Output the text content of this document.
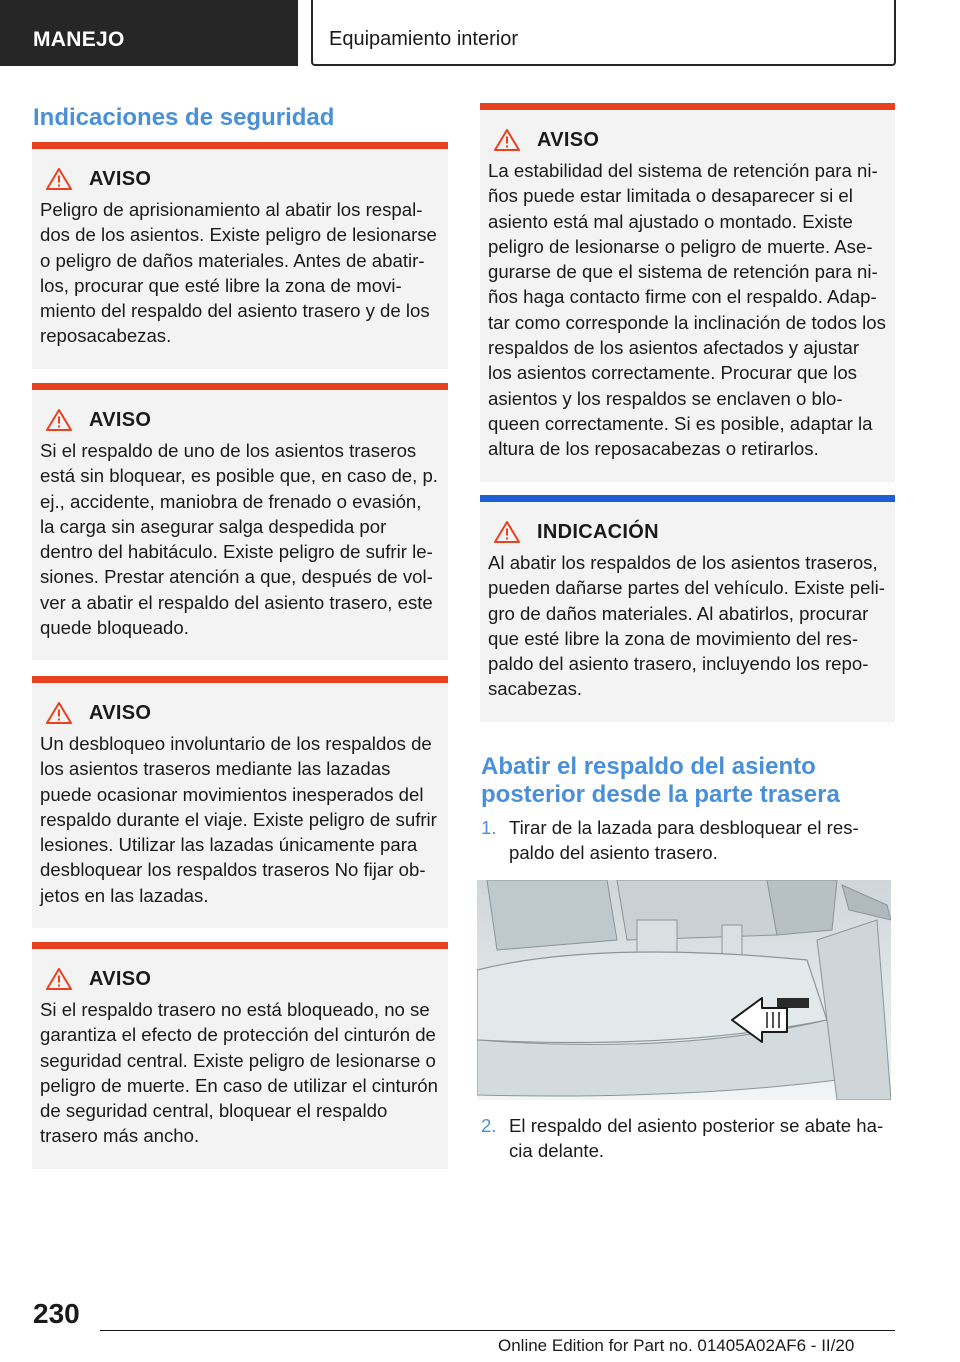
MANEJO	Equipamiento interior
Indicaciones de seguridad
AVISO
Peligro de aprisionamiento al abatir los respaldos de los asientos. Existe peligro de lesionarse o peligro de daños materiales. Antes de abatirlos, procurar que esté libre la zona de movimiento del respaldo del asiento trasero y de los reposacabezas.
AVISO
Si el respaldo de uno de los asientos traseros está sin bloquear, es posible que, en caso de, p. ej., accidente, maniobra de frenado o evasión, la carga sin asegurar salga despedida por dentro del habitáculo. Existe peligro de sufrir lesiones. Prestar atención a que, después de volver a abatir el respaldo del asiento trasero, este quede bloqueado.
AVISO
Un desbloqueo involuntario de los respaldos de los asientos traseros mediante las lazadas puede ocasionar movimientos inesperados del respaldo durante el viaje. Existe peligro de sufrir lesiones. Utilizar las lazadas únicamente para desbloquear los respaldos traseros No fijar objetos en las lazadas.
AVISO
Si el respaldo trasero no está bloqueado, no se garantiza el efecto de protección del cinturón de seguridad central. Existe peligro de lesionarse o peligro de muerte. En caso de utilizar el cinturón de seguridad central, bloquear el respaldo trasero más ancho.
AVISO
La estabilidad del sistema de retención para niños puede estar limitada o desaparecer si el asiento está mal ajustado o montado. Existe peligro de lesionarse o peligro de muerte. Asegurarse de que el sistema de retención para niños haga contacto firme con el respaldo. Adaptar como corresponde la inclinación de todos los respaldos de los asientos afectados y ajustar los asientos correctamente. Procurar que los asientos y los respaldos se enclaven o bloqueen correctamente. Si es posible, adaptar la altura de los reposacabezas o retirarlos.
INDICACIÓN
Al abatir los respaldos de los asientos traseros, pueden dañarse partes del vehículo. Existe peligro de daños materiales. Al abatirlos, procurar que esté libre la zona de movimiento del respaldo del asiento trasero, incluyendo los reposacabezas.
Abatir el respaldo del asiento posterior desde la parte trasera
1. Tirar de la lazada para desbloquear el respaldo del asiento trasero.
2. El respaldo del asiento posterior se abate hacia delante.
230
Online Edition for Part no. 01405A02AF6 - II/20
